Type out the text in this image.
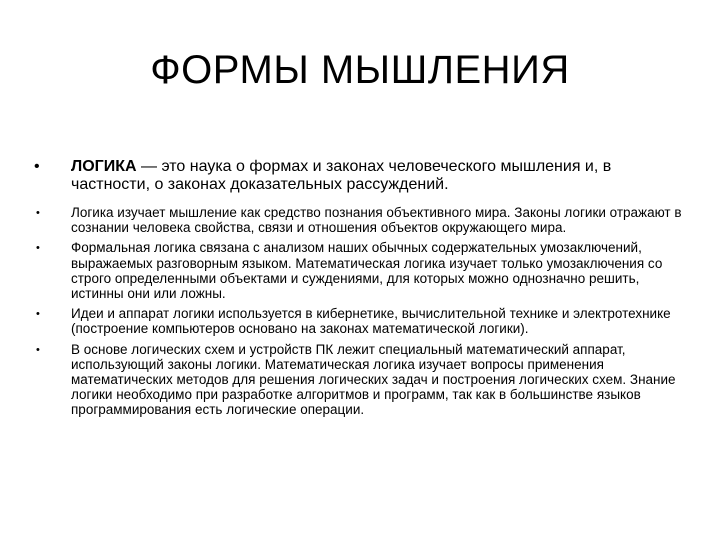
ФОРМЫ МЫШЛЕНИЯ
• ЛОГИКА — это наука о формах и законах человеческого мышления и, в частности, о законах доказательных рассуждений.
• Логика изучает мышление как средство познания объективного мира. Законы логики отражают в сознании человека свойства, связи и отношения объектов окружающего мира.
• Формальная логика связана с анализом наших обычных содержательных умозаключений, выражаемых разговорным языком. Математическая логика изучает только умозаключения со строго определенными объектами и суждениями, для которых можно однозначно решить, истинны они или ложны.
• Идеи и аппарат логики используется в кибернетике, вычислительной технике и электротехнике (построение компьютеров основано на законах математической логики).
• В основе логических схем и устройств ПК лежит специальный математический аппарат, использующий законы логики. Математическая логика изучает вопросы применения математических методов для решения логических задач и построения логических схем. Знание логики необходимо при разработке алгоритмов и программ, так как в большинстве языков программирования есть логические операции.
